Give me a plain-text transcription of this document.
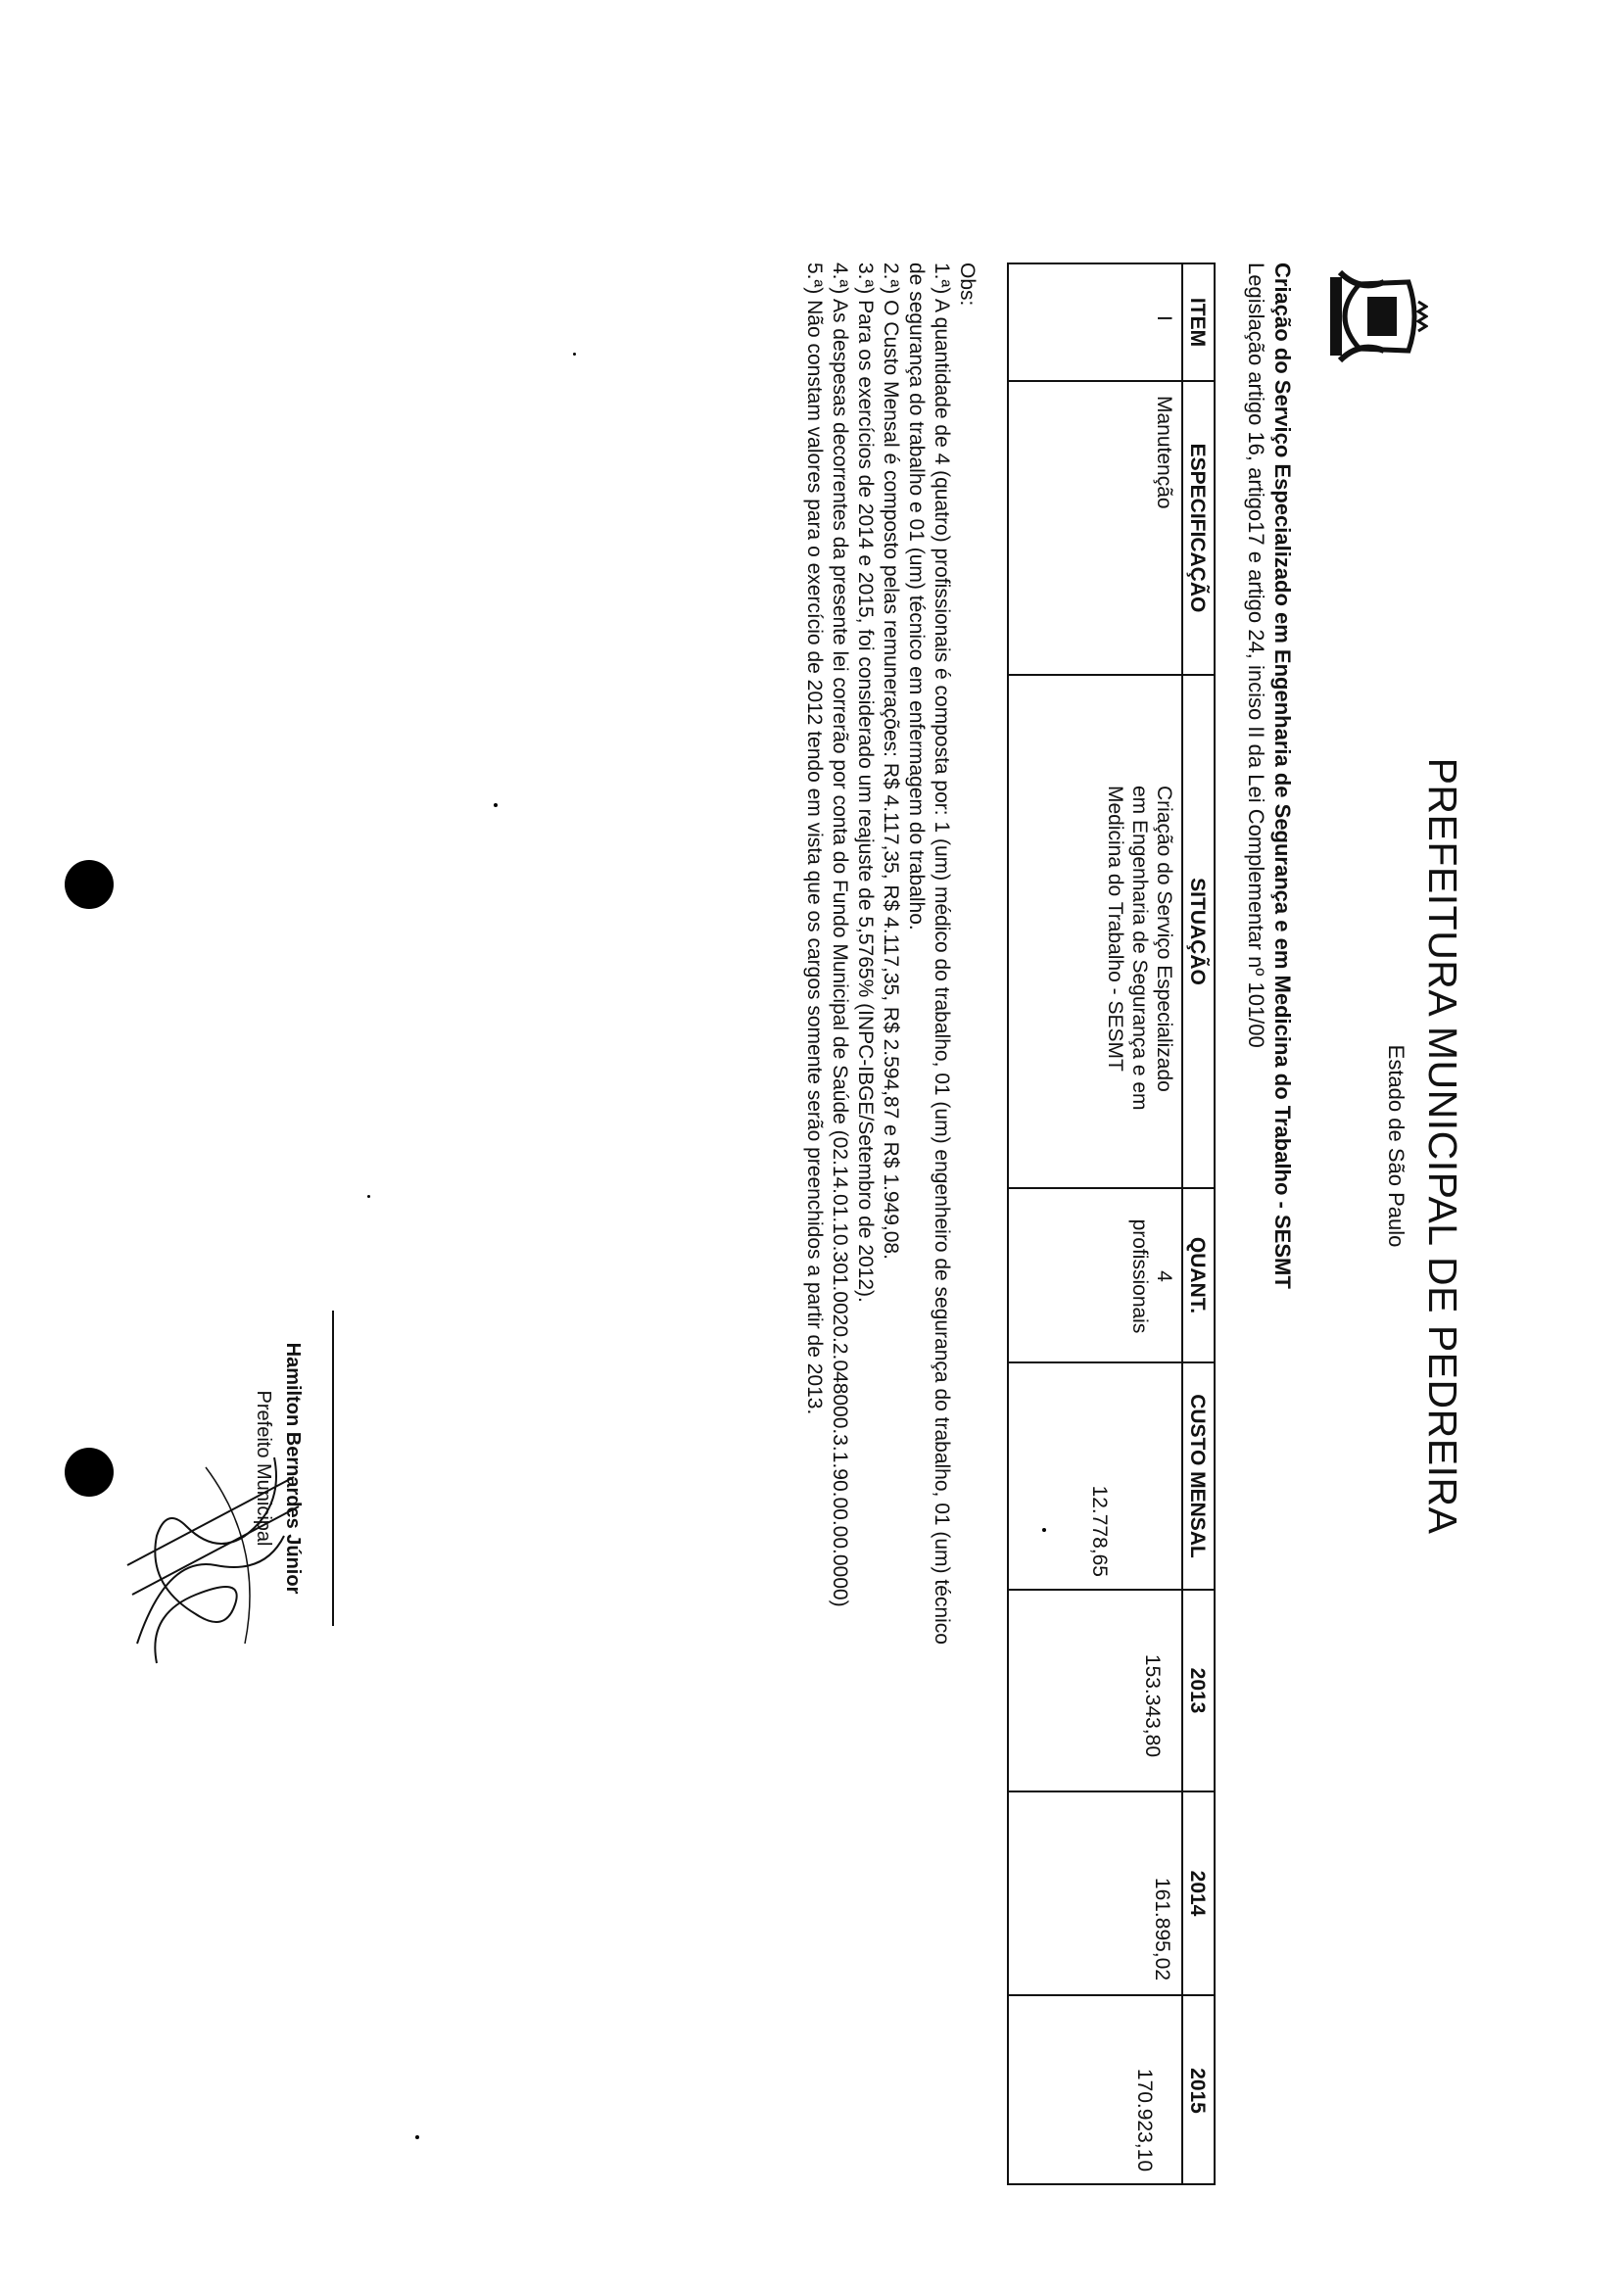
PREFEITURA MUNICIPAL DE PEDREIRA
Estado de São Paulo
Criação do Serviço Especializado em Engenharia de Segurança e em Medicina do Trabalho - SESMT
Legislação artigo 16, artigo17 e artigo 24, inciso II da Lei Complementar nº 101/00
ITEM
I
ESPECIFICAÇÃO
Manutenção
SITUAÇÃO
Criação do Serviço Especializado
em Engenharia de Segurança e em
Medicina do Trabalho - SESMT
QUANT.
4
profissionais
CUSTO MENSAL
12.778,65
2013
153.343,80
2014
161.895,02
2015
170.923,10

Obs:

1.ª) A quantidade de 4 (quatro) profissionais é composta por: 1 (um) médico do trabalho, 01 (um) engenheiro de segurança do trabalho, 01 (um) técnico

de segurança do trabalho e 01 (um) técnico em enfermagem do trabalho.

2.ª) O Custo Mensal é composto pelas remunerações: R$ 4.117,35, R$ 4.117,35, R$ 2.594,87 e R$ 1.949,08.

3.ª) Para os exercícios de 2014 e 2015, foi considerado um reajuste de 5,5765% (INPC-IBGE/Setembro de 2012).

4.ª) As despesas decorrentes da presente lei correrão por conta do Fundo Municipal de Saúde (02.14.01.10.301.0020.2.048000.3.1.90.00.00.0000)

5.ª) Não constam valores para o exercício de 2012 tendo em vista que os cargos somente serão preenchidos a partir de 2013.

Hamilton Bernardes Júnior
Prefeito Municipal
